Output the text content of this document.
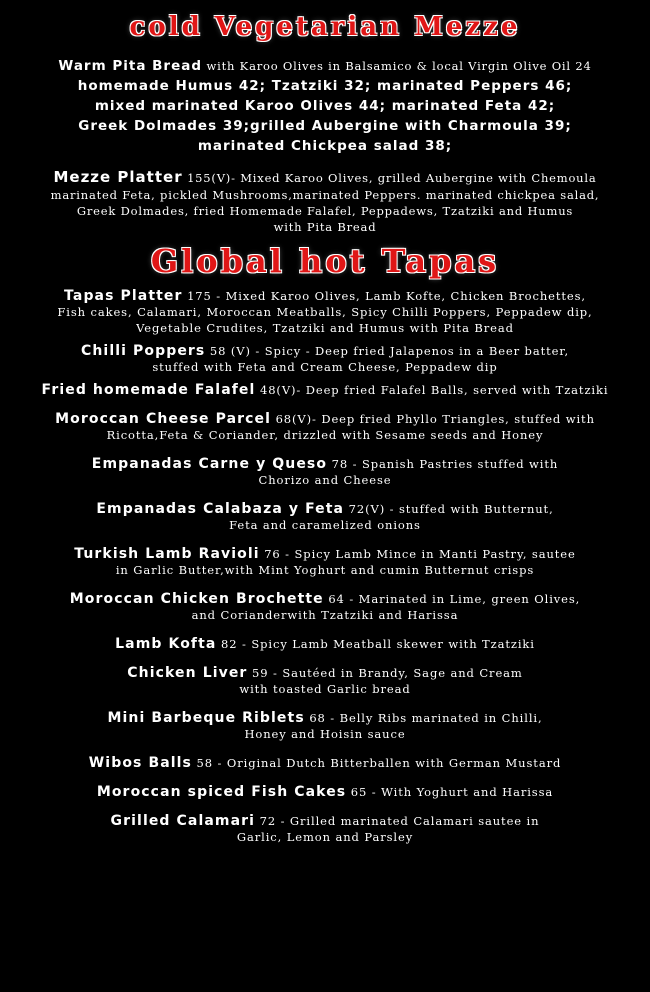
cold Vegetarian Mezze
Warm Pita Bread with Karoo Olives in Balsamico & local Virgin Olive Oil 24
homemade Humus 42; Tzatziki 32; marinated Peppers 46;
mixed marinated Karoo Olives 44; marinated Feta 42;
Greek Dolmades 39;grilled Aubergine with Charmoula 39;
marinated Chickpea salad 38;
Mezze Platter 155(V)- Mixed Karoo Olives, grilled Aubergine with Chemoula
marinated Feta, pickled Mushrooms,marinated Peppers. marinated chickpea salad,
Greek Dolmades, fried Homemade Falafel, Peppadews, Tzatziki and Humus
with Pita Bread
Global hot Tapas
Tapas Platter 175 - Mixed Karoo Olives, Lamb Kofte, Chicken Brochettes,
Fish cakes, Calamari, Moroccan Meatballs, Spicy Chilli Poppers, Peppadew dip,
Vegetable Crudites, Tzatziki and Humus with Pita Bread
Chilli Poppers 58 (V) - Spicy - Deep fried Jalapenos in a Beer batter,
stuffed with Feta and Cream Cheese, Peppadew dip
Fried homemade Falafel 48(V)- Deep fried Falafel Balls, served with Tzatziki
Moroccan Cheese Parcel 68(V)- Deep fried Phyllo Triangles, stuffed with
Ricotta,Feta & Coriander, drizzled with Sesame seeds and Honey
Empanadas Carne y Queso 78 - Spanish Pastries stuffed with
Chorizo and Cheese
Empanadas Calabaza y Feta 72(V) - stuffed with Butternut,
Feta and caramelized onions
Turkish Lamb Ravioli 76 - Spicy Lamb Mince in Manti Pastry, sautee
in Garlic Butter,with Mint Yoghurt and cumin Butternut crisps
Moroccan Chicken Brochette 64 - Marinated in Lime, green Olives,
and Corianderwith Tzatziki and Harissa
Lamb Kofta 82 - Spicy Lamb Meatball skewer with Tzatziki
Chicken Liver 59 - Sautéed in Brandy, Sage and Cream
with toasted Garlic bread
Mini Barbeque Riblets 68 - Belly Ribs marinated in Chilli,
Honey and Hoisin sauce
Wibos Balls 58 - Original Dutch Bitterballen with German Mustard
Moroccan spiced Fish Cakes 65 - With Yoghurt and Harissa
Grilled Calamari 72 - Grilled marinated Calamari sautee in
Garlic, Lemon and Parsley
